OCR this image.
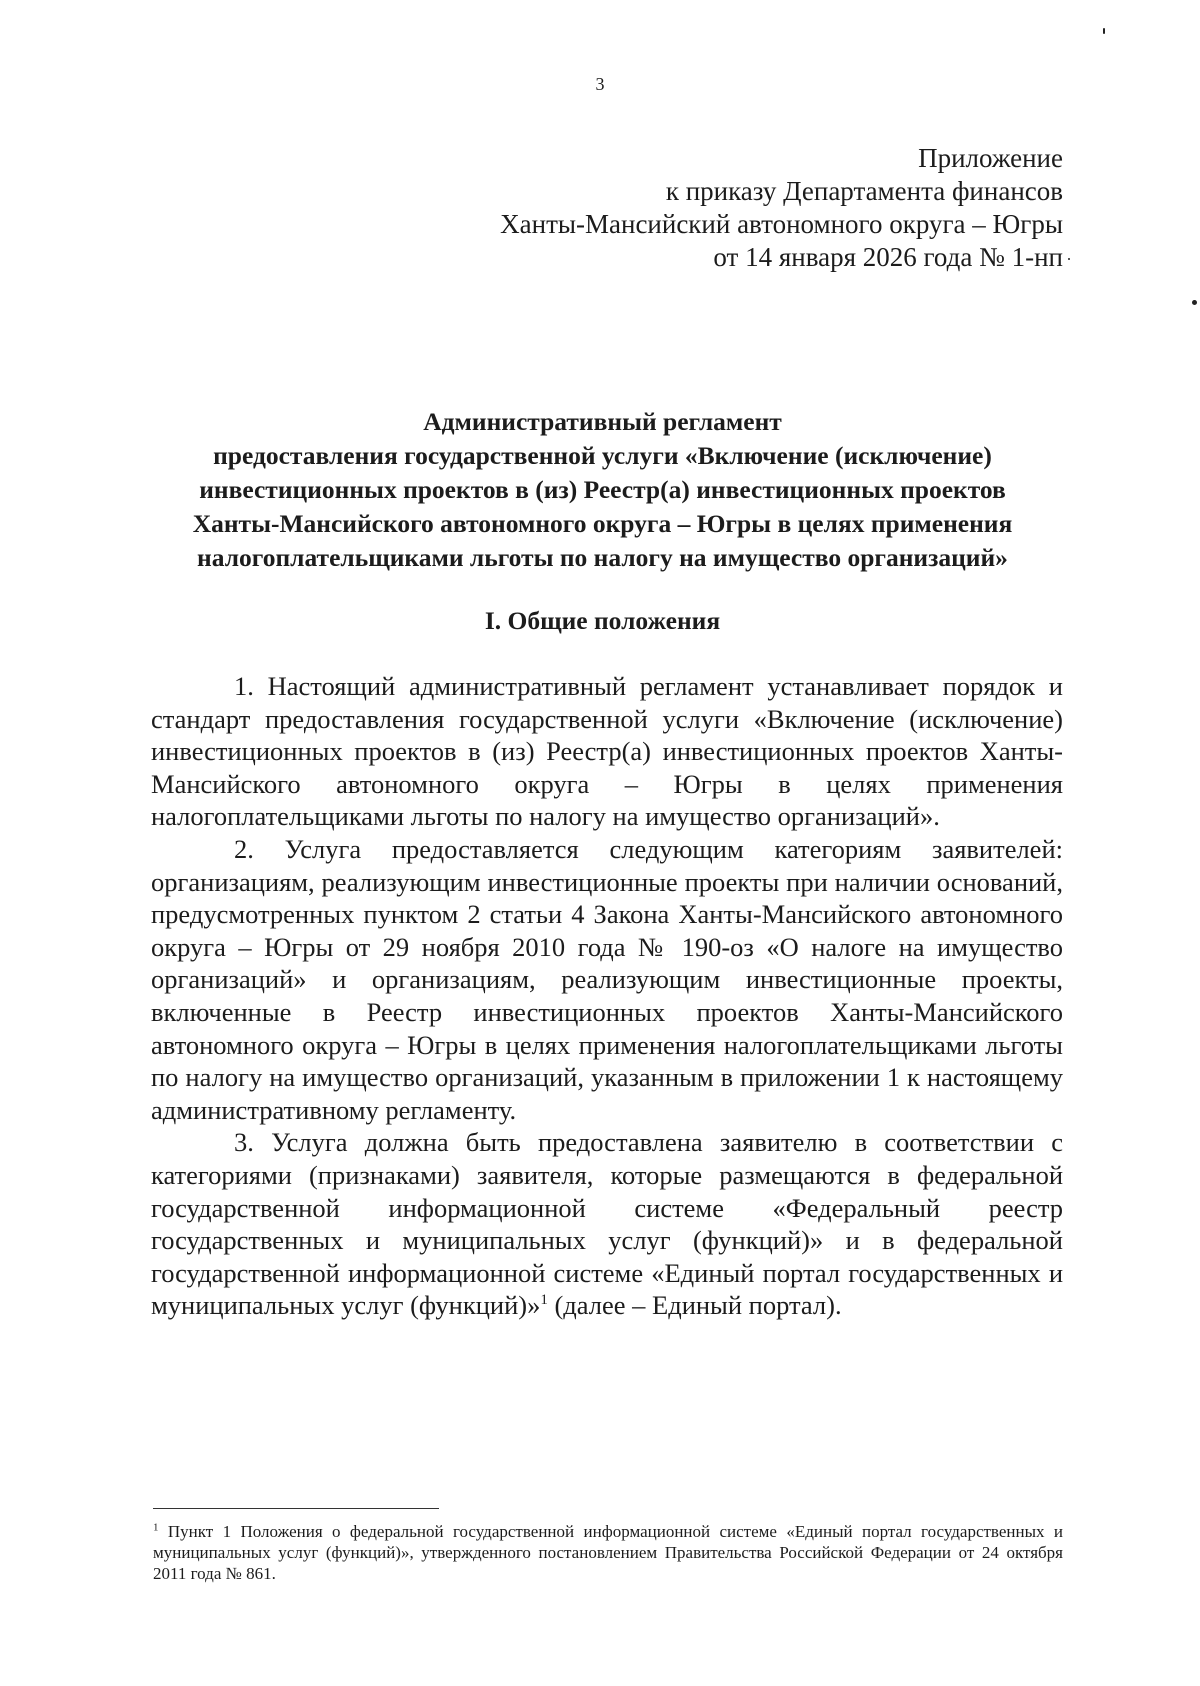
3
Приложение
к приказу Департамента финансов
Ханты-Мансийский автономного округа – Югры
от 14 января 2026 года № 1-нп
Административный регламент
предоставления государственной услуги «Включение (исключение)
инвестиционных проектов в (из) Реестр(а) инвестиционных проектов
Ханты-Мансийского автономного округа – Югры в целях применения
налогоплательщиками льготы по налогу на имущество организаций»
I. Общие положения

1. Настоящий административный регламент устанавливает порядок и стандарт предоставления государственной услуги «Включение (исключение) инвестиционных проектов в (из) Реестр(а) инвестиционных проектов Ханты-Мансийского автономного округа – Югры в целях применения налогоплательщиками льготы по налогу на имущество организаций».

2. Услуга предоставляется следующим категориям заявителей: организациям, реализующим инвестиционные проекты при наличии оснований, предусмотренных пунктом 2 статьи 4 Закона Ханты-Мансийского автономного округа – Югры от 29 ноября 2010 года № 190-оз «О налоге на имущество организаций» и организациям, реализующим инвестиционные проекты, включенные в Реестр инвестиционных проектов Ханты-Мансийского автономного округа – Югры в целях применения налогоплательщиками льготы по налогу на имущество организаций, указанным в приложении 1 к настоящему административному регламенту.

3. Услуга должна быть предоставлена заявителю в соответствии с категориями (признаками) заявителя, которые размещаются в федеральной государственной информационной системе «Федеральный реестр государственных и муниципальных услуг (функций)» и в федеральной государственной информационной системе «Единый портал государственных и муниципальных услуг (функций)»$^1$ (далее – Единый портал).

$^1$ Пункт 1 Положения о федеральной государственной информационной системе «Единый портал государственных и муниципальных услуг (функций)», утвержденного постановлением Правительства Российской Федерации от 24 октября 2011 года № 861.
